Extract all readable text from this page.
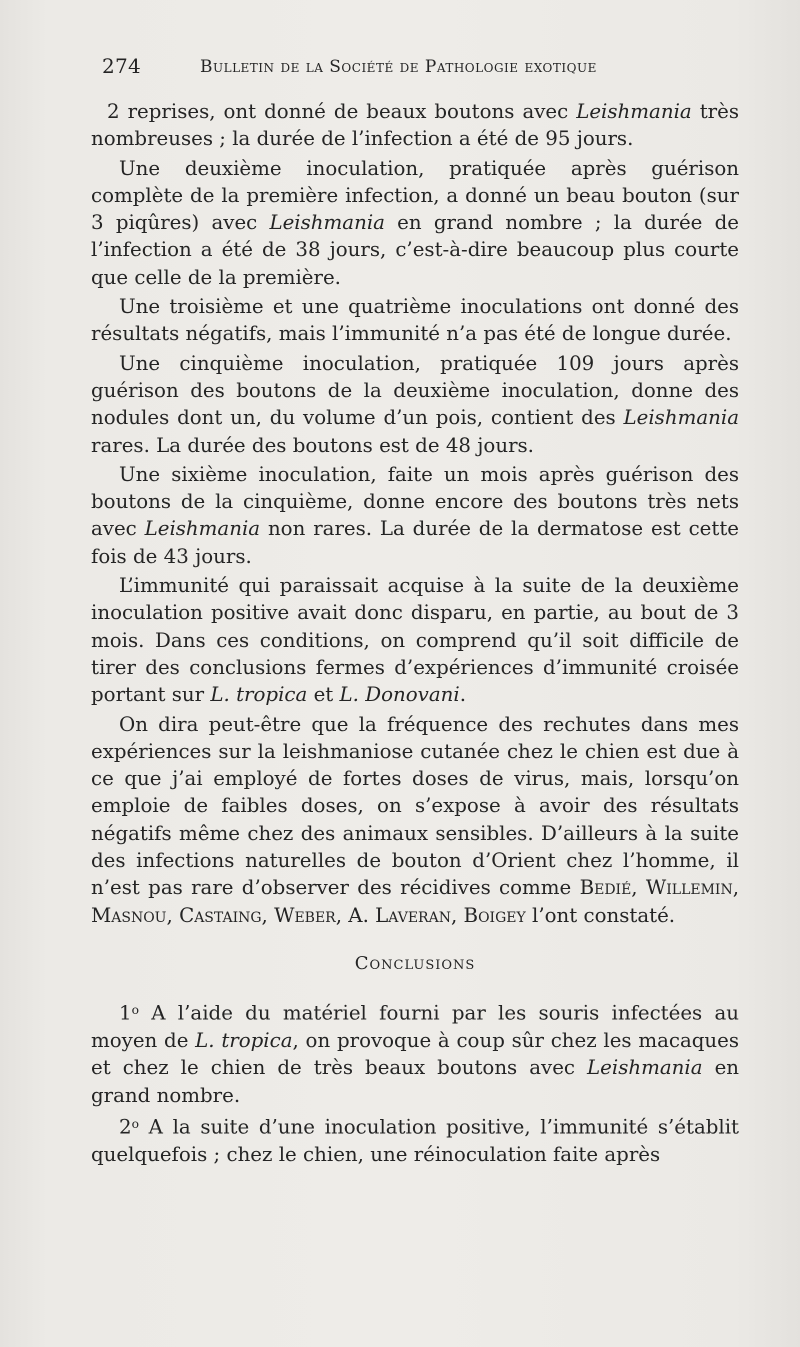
274	Bulletin de la Société de Pathologie exotique

2 reprises, ont donné de beaux boutons avec Leishmania très nombreuses ; la durée de l’infection a été de 95 jours.

Une deuxième inoculation, pratiquée après guérison complète de la première infection, a donné un beau bouton (sur 3 piqûres) avec Leishmania en grand nombre ; la durée de l’infection a été de 38 jours, c’est-à-dire beaucoup plus courte que celle de la première.

Une troisième et une quatrième inoculations ont donné des résultats négatifs, mais l’immunité n’a pas été de longue durée.

Une cinquième inoculation, pratiquée 109 jours après guérison des boutons de la deuxième inoculation, donne des nodules dont un, du volume d’un pois, contient des Leishmania rares. La durée des boutons est de 48 jours.

Une sixième inoculation, faite un mois après guérison des boutons de la cinquième, donne encore des boutons très nets avec Leishmania non rares. La durée de la dermatose est cette fois de 43 jours.

L’immunité qui paraissait acquise à la suite de la deuxième inoculation positive avait donc disparu, en partie, au bout de 3 mois. Dans ces conditions, on comprend qu’il soit difficile de tirer des conclusions fermes d’expériences d’immunité croisée portant sur L. tropica et L. Donovani.

On dira peut-être que la fréquence des rechutes dans mes expériences sur la leishmaniose cutanée chez le chien est due à ce que j’ai employé de fortes doses de virus, mais, lorsqu’on emploie de faibles doses, on s’expose à avoir des résultats négatifs même chez des animaux sensibles. D’ailleurs à la suite des infections naturelles de bouton d’Orient chez l’homme, il n’est pas rare d’observer des récidives comme Bedié, Willemin, Masnou, Castaing, Weber, A. Laveran, Boigey l’ont constaté.

Conclusions

1$^o$ A l’aide du matériel fourni par les souris infectées au moyen de L. tropica, on provoque à coup sûr chez les macaques et chez le chien de très beaux boutons avec Leishmania en grand nombre.

2$^o$ A la suite d’une inoculation positive, l’immunité s’établit quelquefois ; chez le chien, une réinoculation faite après
